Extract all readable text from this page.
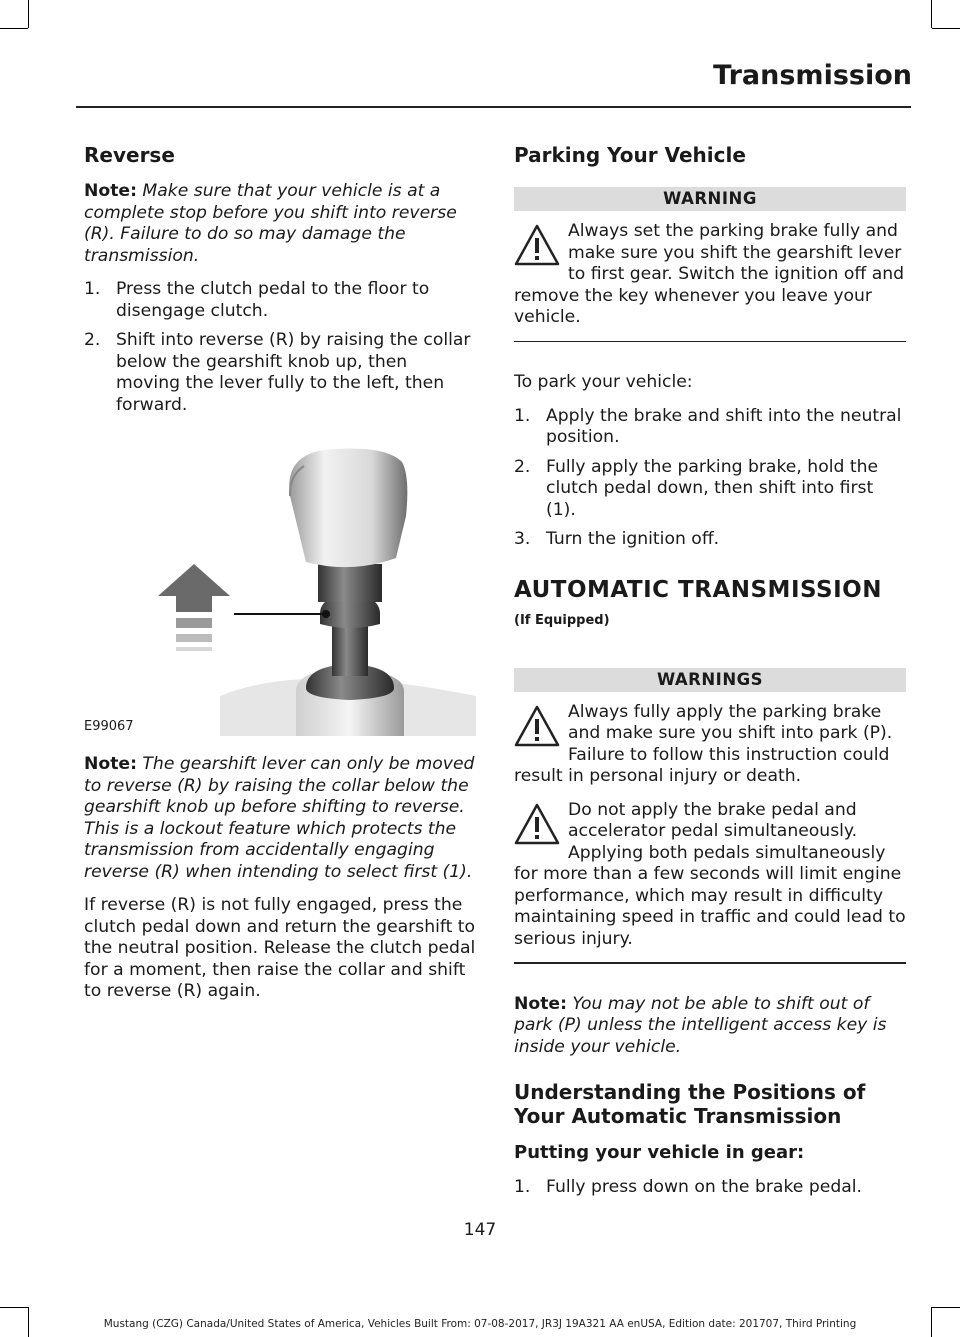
Transmission
Reverse

Note: Make sure that your vehicle is at a complete stop before you shift into reverse (R). Failure to do so may damage the transmission.

1. Press the clutch pedal to the floor to disengage clutch.
2. Shift into reverse (R) by raising the collar below the gearshift knob up, then moving the lever fully to the left, then forward.
E99067

Note: The gearshift lever can only be moved to reverse (R) by raising the collar below the gearshift knob up before shifting to reverse. This is a lockout feature which protects the transmission from accidentally engaging reverse (R) when intending to select first (1).

If reverse (R) is not fully engaged, press the clutch pedal down and return the gearshift to the neutral position. Release the clutch pedal for a moment, then raise the collar and shift to reverse (R) again.

Parking Your Vehicle
WARNING
Always set the parking brake fully and make sure you shift the gearshift lever to first gear. Switch the ignition off and remove the key whenever you leave your vehicle.

To park your vehicle:

1. Apply the brake and shift into the neutral position.
2. Fully apply the parking brake, hold the clutch pedal down, then shift into first (1).
3. Turn the ignition off.
AUTOMATIC TRANSMISSION
(If Equipped)
WARNINGS
Always fully apply the parking brake and make sure you shift into park (P). Failure to follow this instruction could result in personal injury or death.
Do not apply the brake pedal and accelerator pedal simultaneously. Applying both pedals simultaneously for more than a few seconds will limit engine performance, which may result in difficulty maintaining speed in traffic and could lead to serious injury.

Note: You may not be able to shift out of park (P) unless the intelligent access key is inside your vehicle.

Understanding the Positions of Your Automatic Transmission
Putting your vehicle in gear:
1. Fully press down on the brake pedal.
147
Mustang (CZG) Canada/United States of America, Vehicles Built From: 07-08-2017, JR3J 19A321 AA enUSA, Edition date: 201707, Third Printing
